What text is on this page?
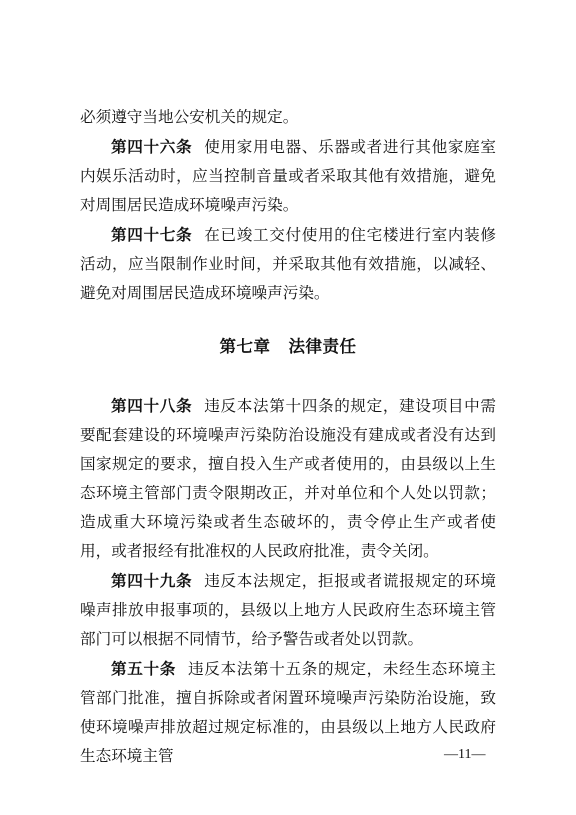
必须遵守当地公安机关的规定。

第四十六条 使用家用电器、乐器或者进行其他家庭室内娱乐活动时，应当控制音量或者采取其他有效措施，避免对周围居民造成环境噪声污染。

第四十七条 在已竣工交付使用的住宅楼进行室内装修活动，应当限制作业时间，并采取其他有效措施，以减轻、避免对周围居民造成环境噪声污染。

第七章 法律责任

第四十八条 违反本法第十四条的规定，建设项目中需要配套建设的环境噪声污染防治设施没有建成或者没有达到国家规定的要求，擅自投入生产或者使用的，由县级以上生态环境主管部门责令限期改正，并对单位和个人处以罚款；造成重大环境污染或者生态破坏的，责令停止生产或者使用，或者报经有批准权的人民政府批准，责令关闭。

第四十九条 违反本法规定，拒报或者谎报规定的环境噪声排放申报事项的，县级以上地方人民政府生态环境主管部门可以根据不同情节，给予警告或者处以罚款。

第五十条 违反本法第十五条的规定，未经生态环境主管部门批准，擅自拆除或者闲置环境噪声污染防治设施，致使环境噪声排放超过规定标准的，由县级以上地方人民政府生态环境主管	—11—
